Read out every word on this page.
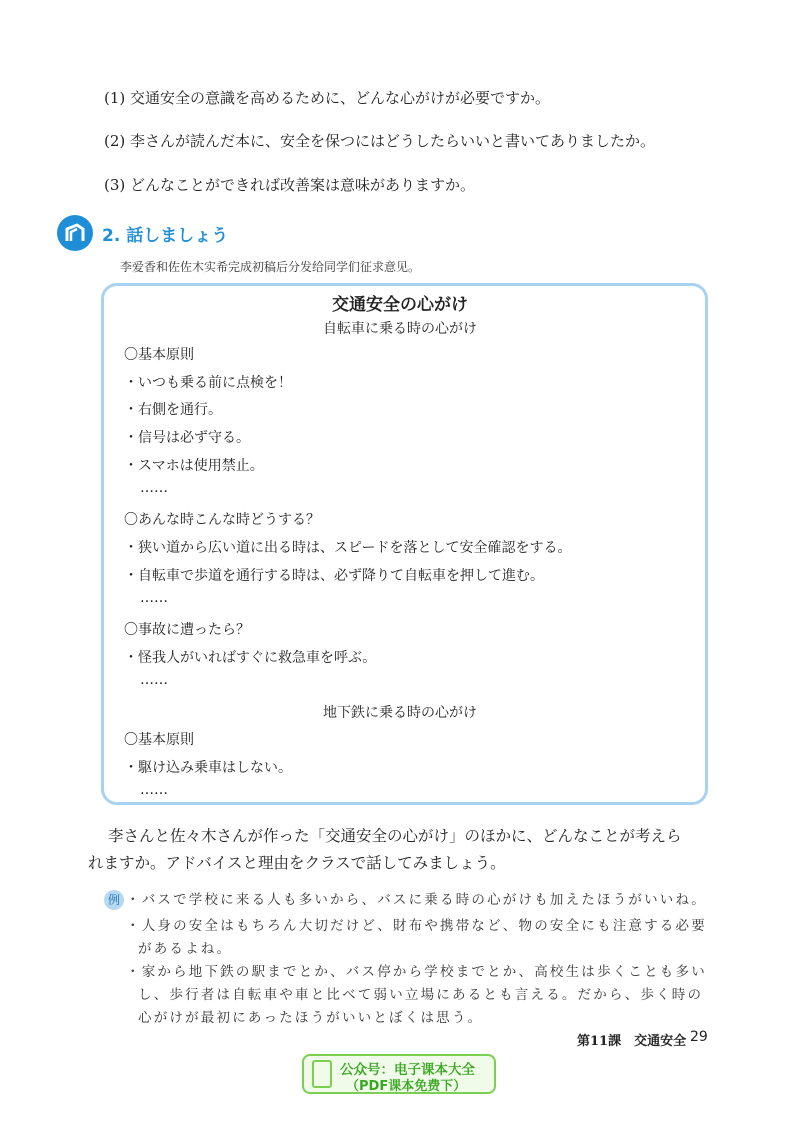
(1) 交通安全の意識を高めるために、どんな心がけが必要ですか。
(2) 李さんが読んだ本に、安全を保つにはどうしたらいいと書いてありましたか。
(3) どんなことができれば改善案は意味がありますか。
2. 話しましょう
李爱香和佐佐木实希完成初稿后分发给同学们征求意见。
交通安全の心がけ
自転車に乗る時の心がけ
〇基本原則
・いつも乗る前に点検を！
・右側を通行。
・信号は必ず守る。
・スマホは使用禁止。
……
〇あんな時こんな時どうする？
・狭い道から広い道に出る時は、スピードを落として安全確認をする。
・自転車で歩道を通行する時は、必ず降りて自転車を押して進む。
……
〇事故に遭ったら？
・怪我人がいればすぐに救急車を呼ぶ。
……
地下鉄に乗る時の心がけ
〇基本原則
・駆け込み乗車はしない。
……
李さんと佐々木さんが作った「交通安全の心がけ」のほかに、どんなことが考えら
れますか。アドバイスと理由をクラスで話してみましょう。
例 ・バスで学校に来る人も多いから、バスに乗る時の心がけも加えたほうがいいね。
・人身の安全はもちろん大切だけど、財布や携帯など、物の安全にも注意する必要
があるよね。
・家から地下鉄の駅までとか、バス停から学校までとか、高校生は歩くことも多い
し、歩行者は自転車や車と比べて弱い立場にあるとも言える。だから、歩く時の
心がけが最初にあったほうがいいとぼくは思う。
第11課　交通安全 29
公众号：电子课本大全
（PDF课本免费下）
